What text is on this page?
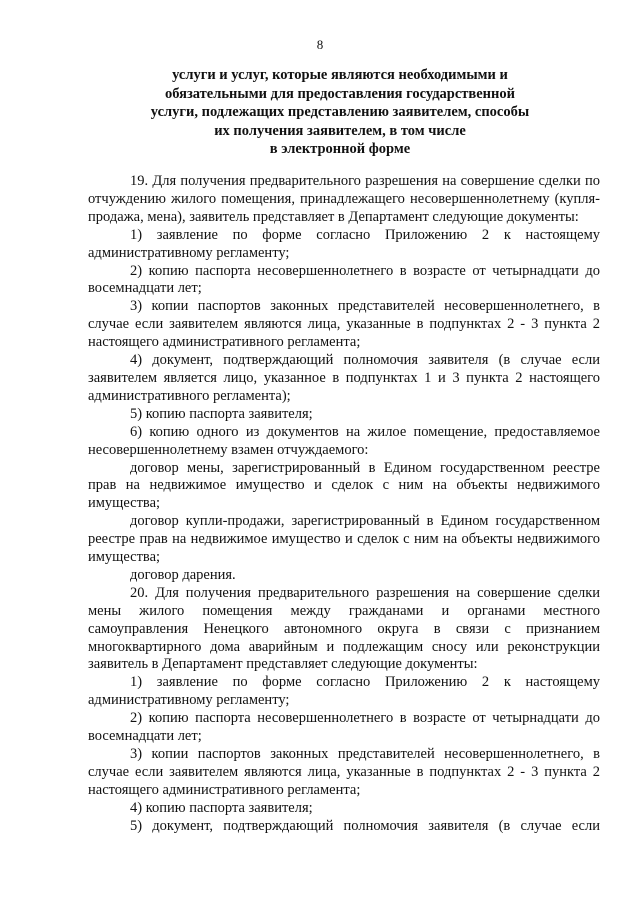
8
услуги и услуг, которые являются необходимыми и
обязательными для предоставления государственной
услуги, подлежащих представлению заявителем, способы
их получения заявителем, в том числе
в электронной форме

19. Для получения предварительного разрешения на совершение сделки по отчуждению жилого помещения, принадлежащего несовершеннолетнему (купля-продажа, мена), заявитель представляет в Департамент следующие документы:

1) заявление по форме согласно Приложению 2 к настоящему административному регламенту;

2) копию паспорта несовершеннолетнего в возрасте от четырнадцати до восемнадцати лет;

3) копии паспортов законных представителей несовершеннолетнего, в случае если заявителем являются лица, указанные в подпунктах 2 - 3 пункта 2 настоящего административного регламента;

4) документ, подтверждающий полномочия заявителя (в случае если заявителем является лицо, указанное в подпунктах 1 и 3 пункта 2 настоящего административного регламента);

5) копию паспорта заявителя;

6) копию одного из документов на жилое помещение, предоставляемое несовершеннолетнему взамен отчуждаемого:

договор мены, зарегистрированный в Едином государственном реестре прав на недвижимое имущество и сделок с ним на объекты недвижимого имущества;

договор купли-продажи, зарегистрированный в Едином государственном реестре прав на недвижимое имущество и сделок с ним на объекты недвижимого имущества;

договор дарения.

20. Для получения предварительного разрешения на совершение сделки мены жилого помещения между гражданами и органами местного самоуправления Ненецкого автономного округа в связи с признанием многоквартирного дома аварийным и подлежащим сносу или реконструкции заявитель в Департамент представляет следующие документы:

1) заявление по форме согласно Приложению 2 к настоящему административному регламенту;

2) копию паспорта несовершеннолетнего в возрасте от четырнадцати до восемнадцати лет;

3) копии паспортов законных представителей несовершеннолетнего, в случае если заявителем являются лица, указанные в подпунктах 2 - 3 пункта 2 настоящего административного регламента;

4) копию паспорта заявителя;

5) документ, подтверждающий полномочия заявителя (в случае если
